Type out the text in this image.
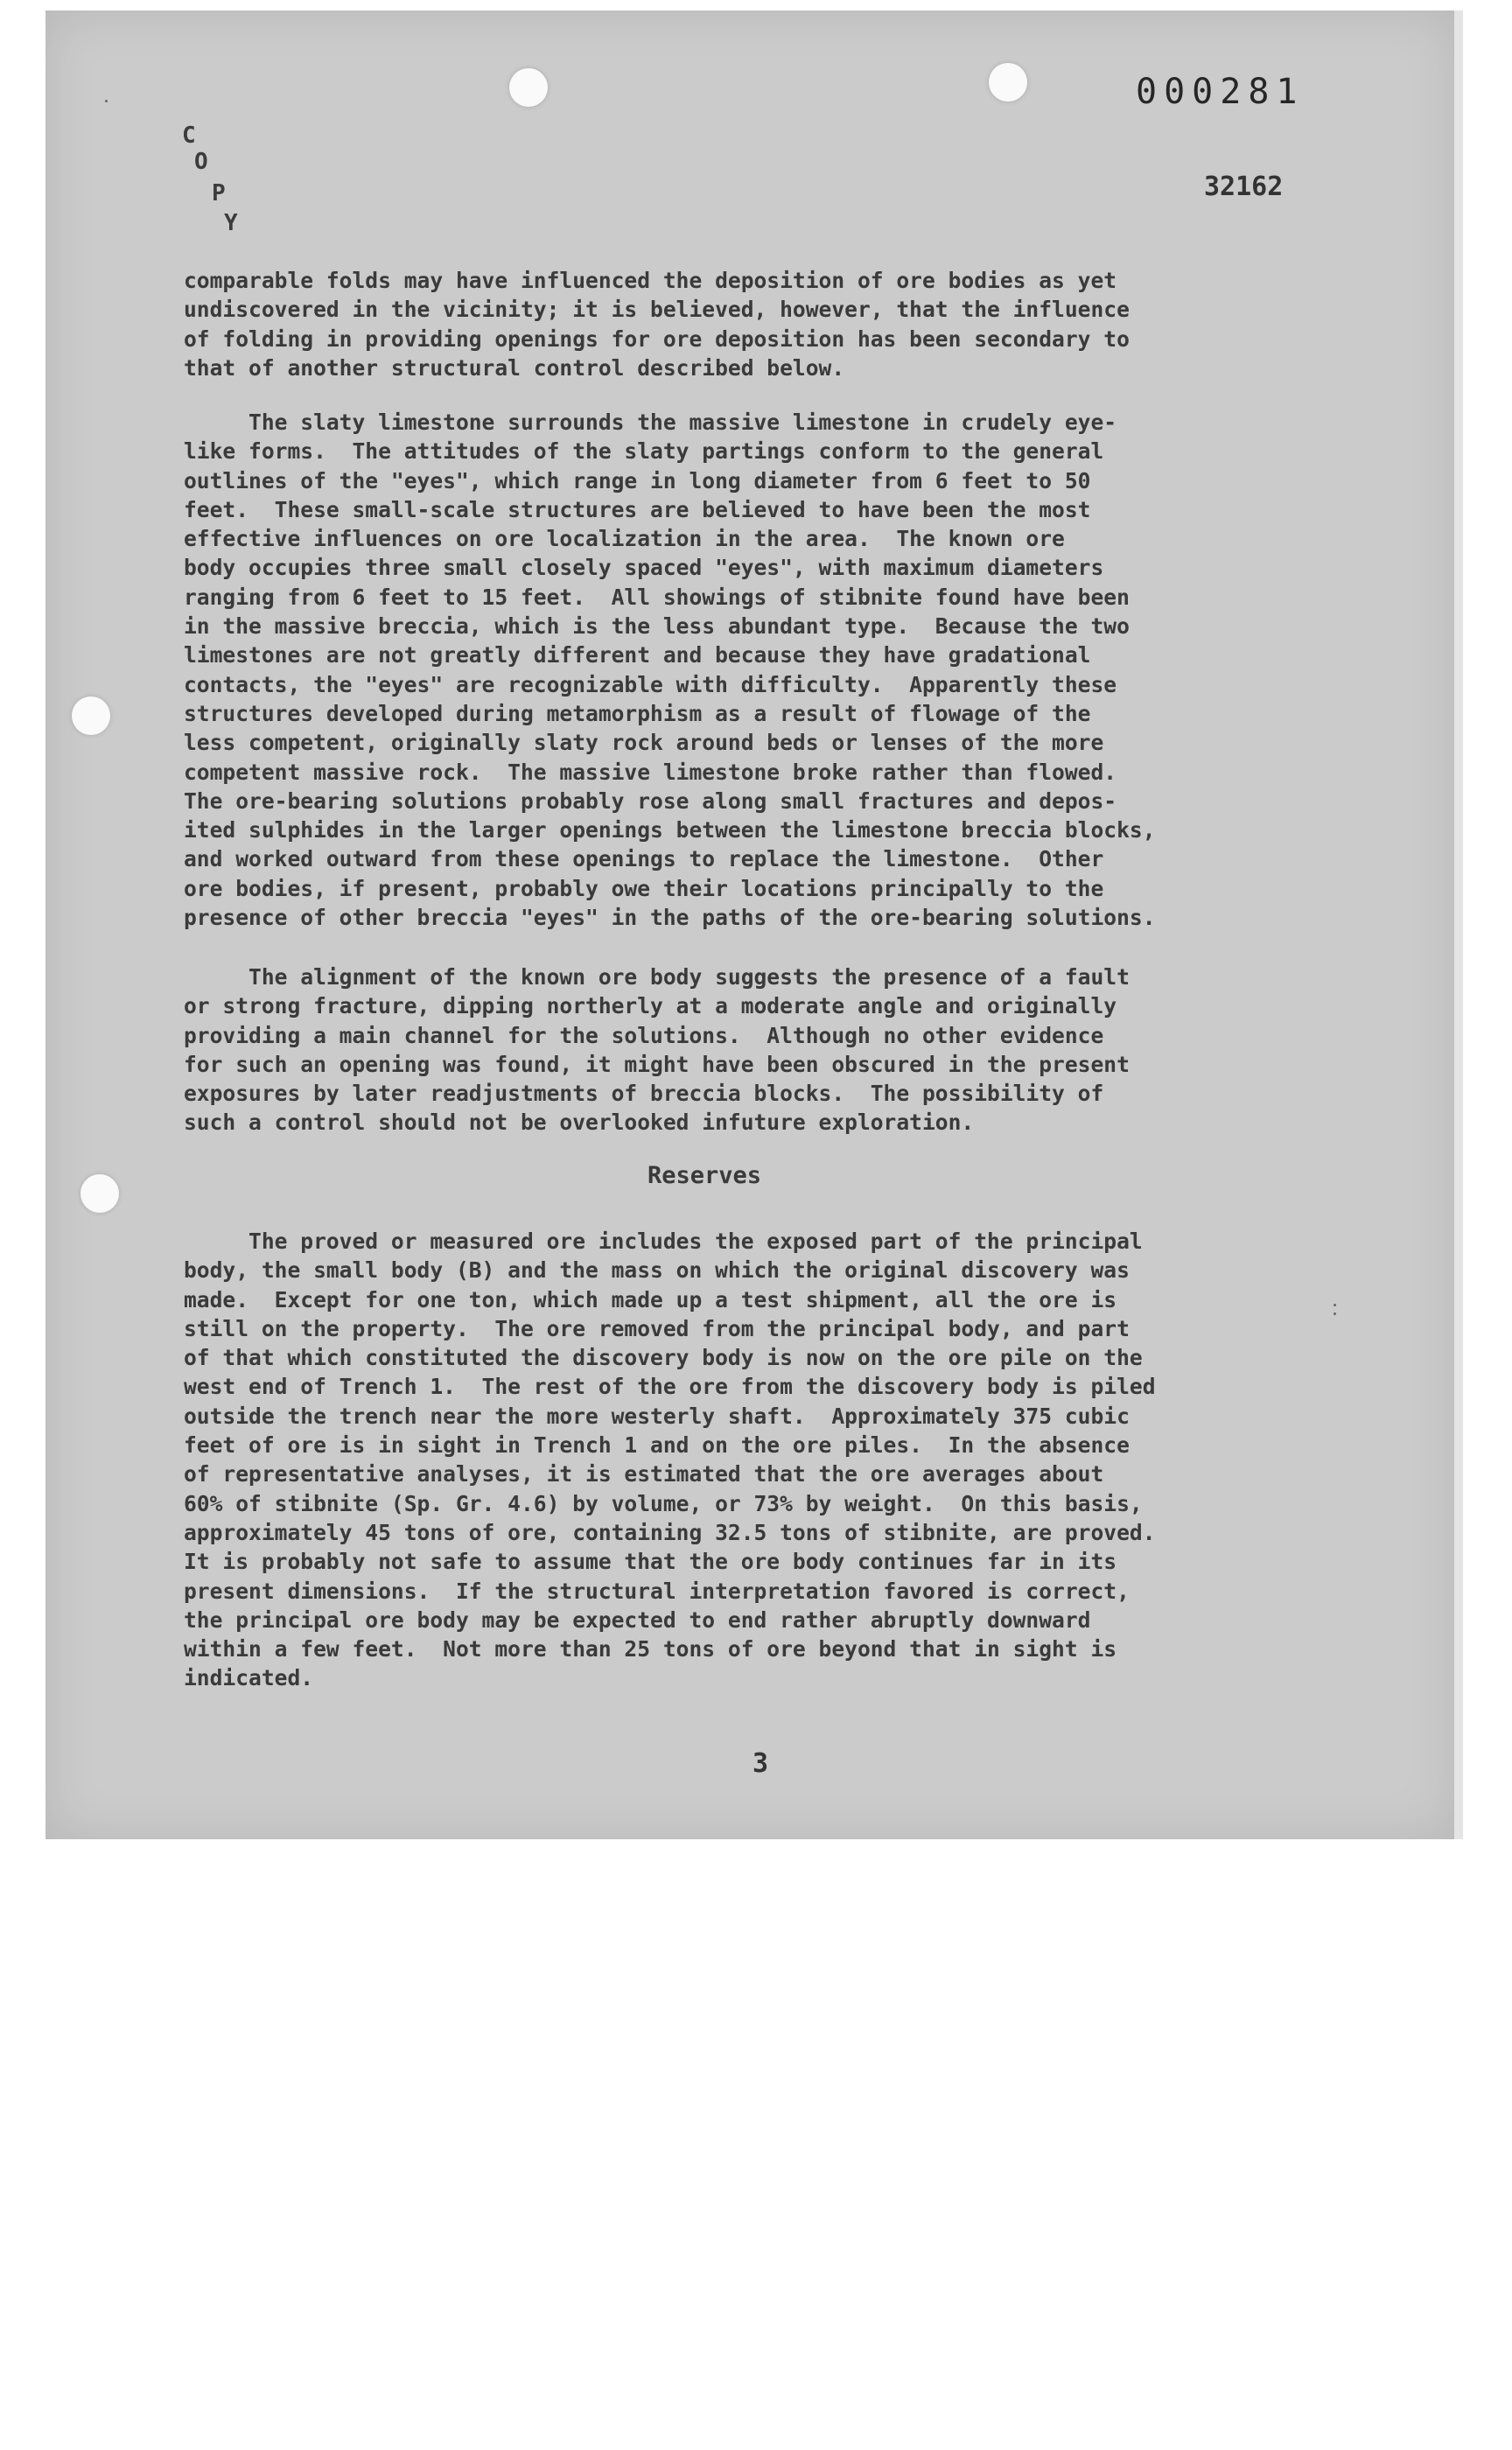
C
O
P
Y
000281
32162
comparable folds may have influenced the deposition of ore bodies as yet
undiscovered in the vicinity; it is believed, however, that the influence
of folding in providing openings for ore deposition has been secondary to
that of another structural control described below.
The slaty limestone surrounds the massive limestone in crudely eye-
like forms.  The attitudes of the slaty partings conform to the general
outlines of the "eyes", which range in long diameter from 6 feet to 50
feet.  These small-scale structures are believed to have been the most
effective influences on ore localization in the area.  The known ore
body occupies three small closely spaced "eyes", with maximum diameters
ranging from 6 feet to 15 feet.  All showings of stibnite found have been
in the massive breccia, which is the less abundant type.  Because the two
limestones are not greatly different and because they have gradational
contacts, the "eyes" are recognizable with difficulty.  Apparently these
structures developed during metamorphism as a result of flowage of the
less competent, originally slaty rock around beds or lenses of the more
competent massive rock.  The massive limestone broke rather than flowed.
The ore-bearing solutions probably rose along small fractures and depos-
ited sulphides in the larger openings between the limestone breccia blocks,
and worked outward from these openings to replace the limestone.  Other
ore bodies, if present, probably owe their locations principally to the
presence of other breccia "eyes" in the paths of the ore-bearing solutions.
The alignment of the known ore body suggests the presence of a fault
or strong fracture, dipping northerly at a moderate angle and originally
providing a main channel for the solutions.  Although no other evidence
for such an opening was found, it might have been obscured in the present
exposures by later readjustments of breccia blocks.  The possibility of
such a control should not be overlooked infuture exploration.
Reserves
The proved or measured ore includes the exposed part of the principal
body, the small body (B) and the mass on which the original discovery was
made.  Except for one ton, which made up a test shipment, all the ore is
still on the property.  The ore removed from the principal body, and part
of that which constituted the discovery body is now on the ore pile on the
west end of Trench 1.  The rest of the ore from the discovery body is piled
outside the trench near the more westerly shaft.  Approximately 375 cubic
feet of ore is in sight in Trench 1 and on the ore piles.  In the absence
of representative analyses, it is estimated that the ore averages about
60% of stibnite (Sp. Gr. 4.6) by volume, or 73% by weight.  On this basis,
approximately 45 tons of ore, containing 32.5 tons of stibnite, are proved.
It is probably not safe to assume that the ore body continues far in its
present dimensions.  If the structural interpretation favored is correct,
the principal ore body may be expected to end rather abruptly downward
within a few feet.  Not more than 25 tons of ore beyond that in sight is
indicated.
3
